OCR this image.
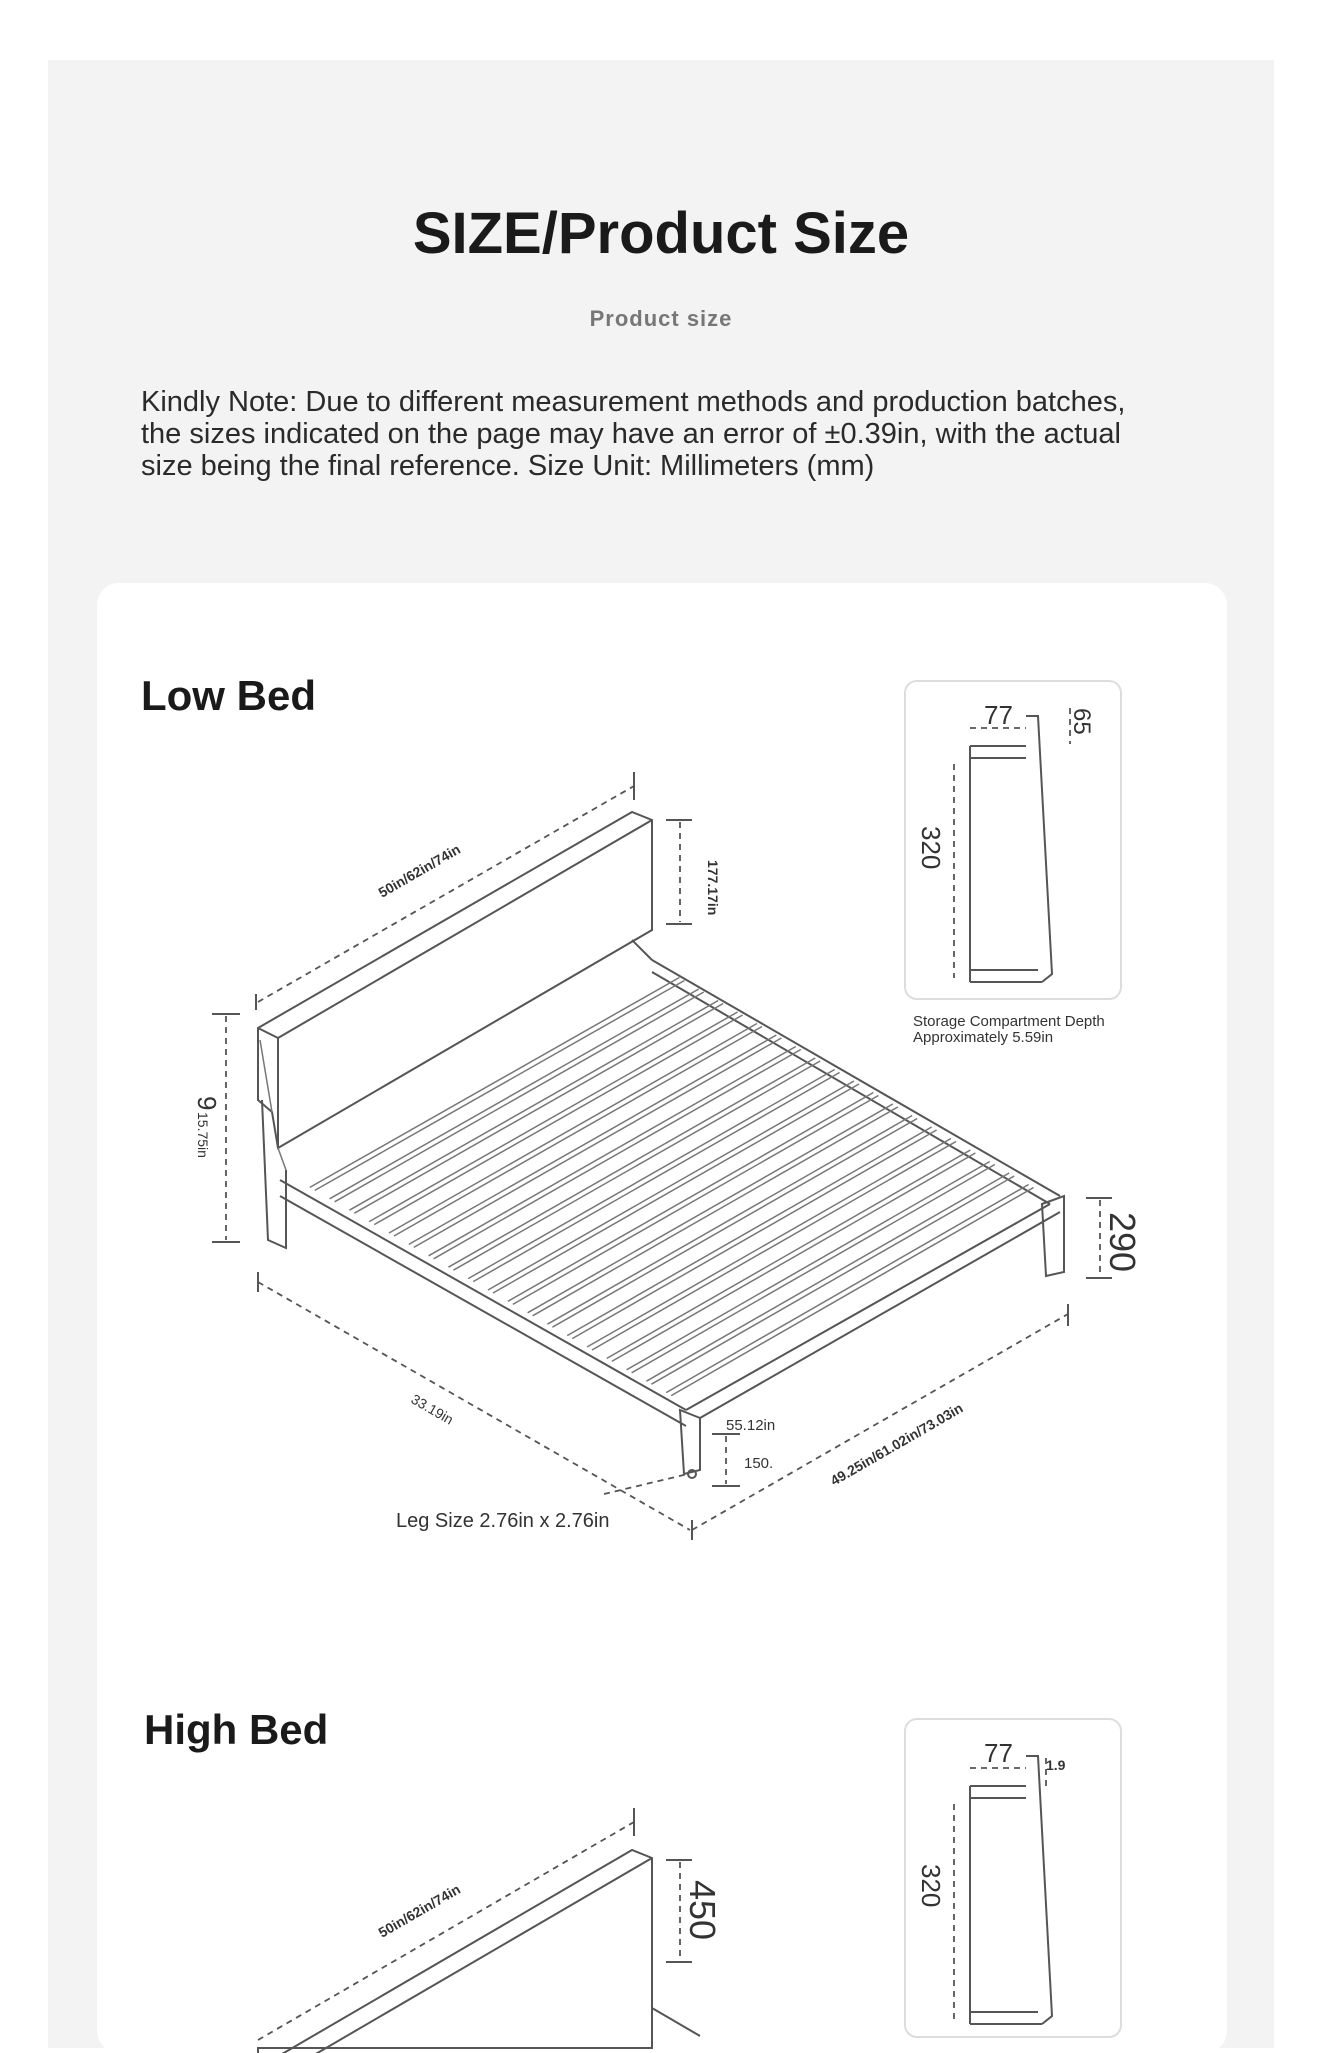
SIZE/Product Size
Product size
Kindly Note: Due to different measurement methods and production batches, the sizes indicated on the page may have an error of ±0.39in, with the actual size being the final reference. Size Unit: Millimeters (mm)
Low Bed
50in/62in/74in	177.17in
9
15.75in
290
33.19in	49.25in/61.02in/73.03in
55.12in
150.
Leg Size 2.76in x 2.76in
77 65
320
Storage Compartment Depth
Approximately 5.59in
High Bed
50in/62in/74in	450
77 1.9
320
